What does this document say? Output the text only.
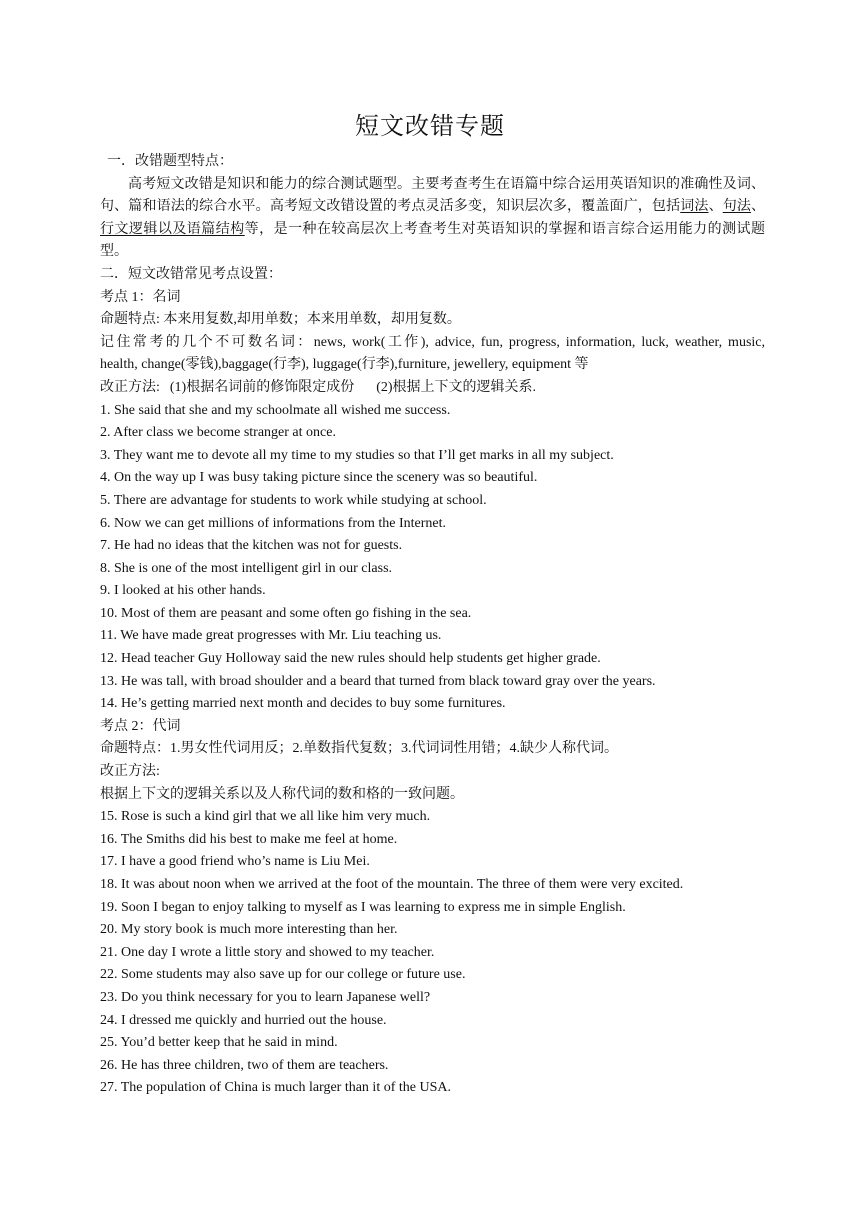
短文改错专题
一．改错题型特点：

高考短文改错是知识和能力的综合测试题型。主要考查考生在语篇中综合运用英语知识的准确性及词、句、篇和语法的综合水平。高考短文改错设置的考点灵活多变，知识层次多，覆盖面广，包括词法、句法、行文逻辑以及语篇结构等，是一种在较高层次上考查考生对英语知识的掌握和语言综合运用能力的测试题型。

二．短文改错常见考点设置：
考点 1：名词
命题特点: 本来用复数,却用单数；本来用单数，却用复数。
记住常考的几个不可数名词：news, work(工作), advice, fun, progress, information, luck, weather, music,
health, change(零钱),baggage(行李), luggage(行李),furniture, jewellery, equipment 等
改正方法: (1)根据名词前的修饰限定成份 (2)根据上下文的逻辑关系.
1. She said that she and my schoolmate all wished me success.
2. After class we become stranger at once.
3. They want me to devote all my time to my studies so that I’ll get marks in all my subject.
4. On the way up I was busy taking picture since the scenery was so beautiful.
5. There are advantage for students to work while studying at school.
6. Now we can get millions of informations from the Internet.
7. He had no ideas that the kitchen was not for guests.
8. She is one of the most intelligent girl in our class.
9. I looked at his other hands.
10. Most of them are peasant and some often go fishing in the sea.
11. We have made great progresses with Mr. Liu teaching us.
12. Head teacher Guy Holloway said the new rules should help students get higher grade.
13. He was tall, with broad shoulder and a beard that turned from black toward gray over the years.
14. He’s getting married next month and decides to buy some furnitures.
考点 2：代词
命题特点：1.男女性代词用反；2.单数指代复数；3.代词词性用错；4.缺少人称代词。
改正方法:
根据上下文的逻辑关系以及人称代词的数和格的一致问题。
15. Rose is such a kind girl that we all like him very much.
16. The Smiths did his best to make me feel at home.
17. I have a good friend who’s name is Liu Mei.
18. It was about noon when we arrived at the foot of the mountain. The three of them were very excited.
19. Soon I began to enjoy talking to myself as I was learning to express me in simple English.
20. My story book is much more interesting than her.
21. One day I wrote a little story and showed to my teacher.
22. Some students may also save up for our college or future use.
23. Do you think necessary for you to learn Japanese well?
24. I dressed me quickly and hurried out the house.
25. You’d better keep that he said in mind.
26. He has three children, two of them are teachers.
27. The population of China is much larger than it of the USA.
